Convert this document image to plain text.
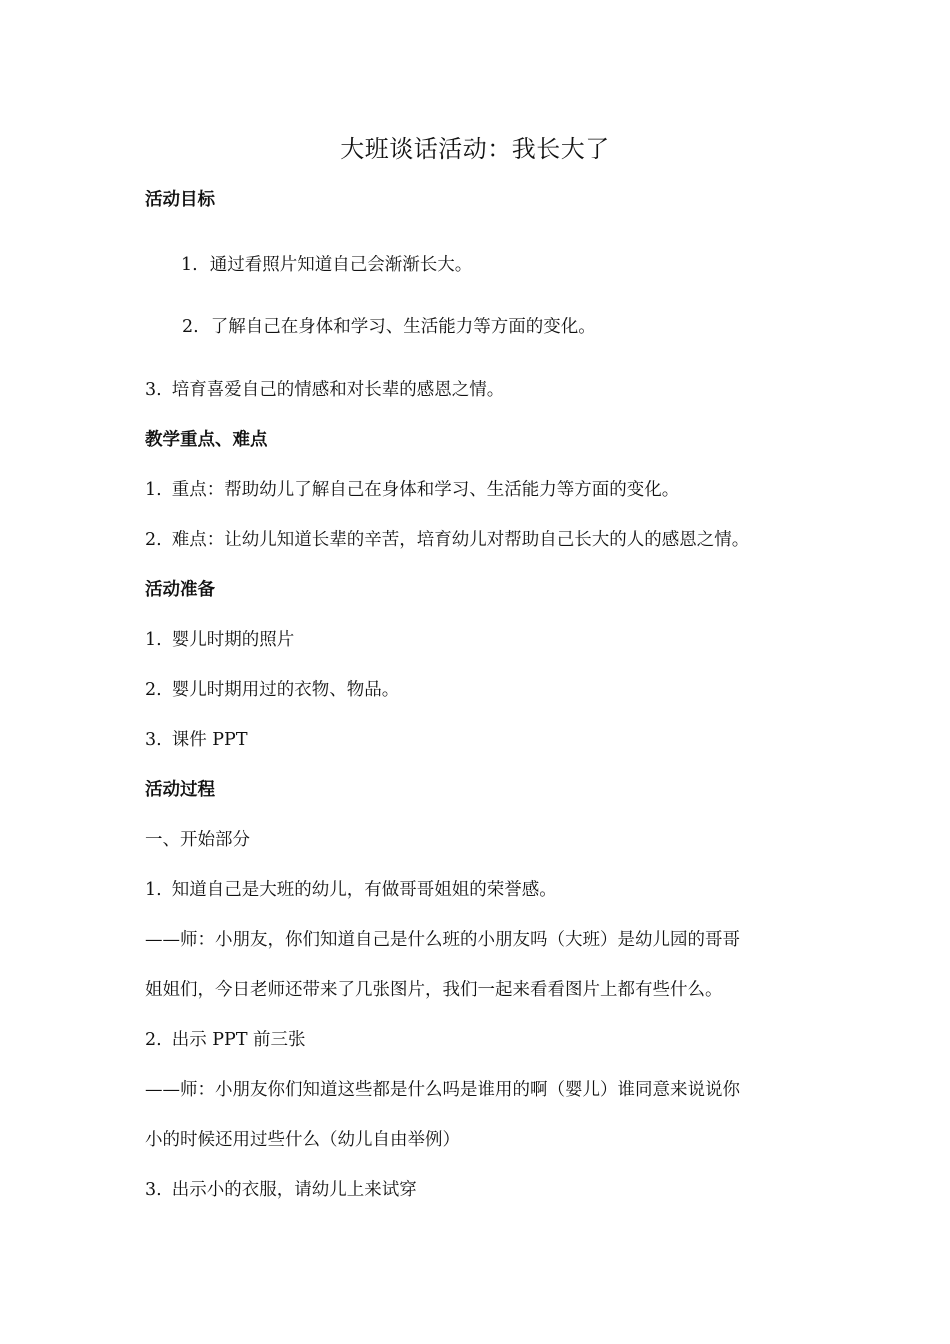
大班谈话活动：我长大了
活动目标
1. 通过看照片知道自己会渐渐长大。
2. 了解自己在身体和学习、生活能力等方面的变化。
3. 培育喜爱自己的情感和对长辈的感恩之情。
教学重点、难点
1. 重点：帮助幼儿了解自己在身体和学习、生活能力等方面的变化。
2. 难点：让幼儿知道长辈的辛苦，培育幼儿对帮助自己长大的人的感恩之情。
活动准备
1. 婴儿时期的照片
2. 婴儿时期用过的衣物、物品。
3. 课件 PPT
活动过程
一、开始部分
1. 知道自己是大班的幼儿，有做哥哥姐姐的荣誉感。
——师：小朋友，你们知道自己是什么班的小朋友吗（大班）是幼儿园的哥哥
姐姐们，今日老师还带来了几张图片，我们一起来看看图片上都有些什么。
2. 出示 PPT 前三张
——师：小朋友你们知道这些都是什么吗是谁用的啊（婴儿）谁同意来说说你
小的时候还用过些什么（幼儿自由举例）
3. 出示小的衣服，请幼儿上来试穿
